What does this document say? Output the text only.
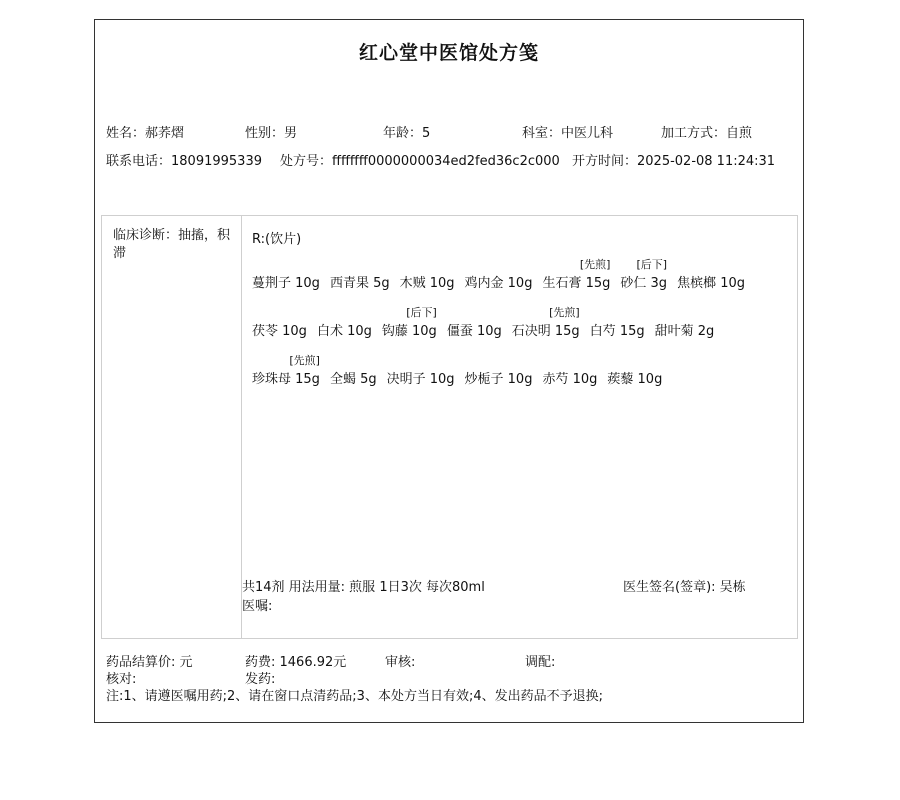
红心堂中医馆处方笺
姓名：郝荞熠	性别：男	年龄：5	科室：中医儿科	加工方式：自煎
联系电话：18091995339 处方号：ffffffff0000000034ed2fed36c2c000 开方时间：2025-02-08 11:24:31
临床诊断：抽搐，积滞
R:(饮片)
蔓荆子 10g 西青果 5g 木贼 10g 鸡内金 10g 生石膏 15g
[先煎]
砂仁 3g
[后下]
焦槟榔 10g
茯苓 10g 白术 10g 钩藤 10g
[后下]
僵蚕 10g 石决明 15g
[先煎]
白芍 15g 甜叶菊 2g
珍珠母 15g
[先煎]
全蝎 5g 决明子 10g 炒栀子 10g 赤芍 10g 蒺藜 10g
共14剂 用法用量: 煎服 1日3次 每次80ml
医嘱:
医生签名(签章): 吴栋
药品结算价: 元	药费: 1466.92元	审核:	调配:
核对:	发药:
注:1、请遵医嘱用药;2、请在窗口点清药品;3、本处方当日有效;4、发出药品不予退换;
